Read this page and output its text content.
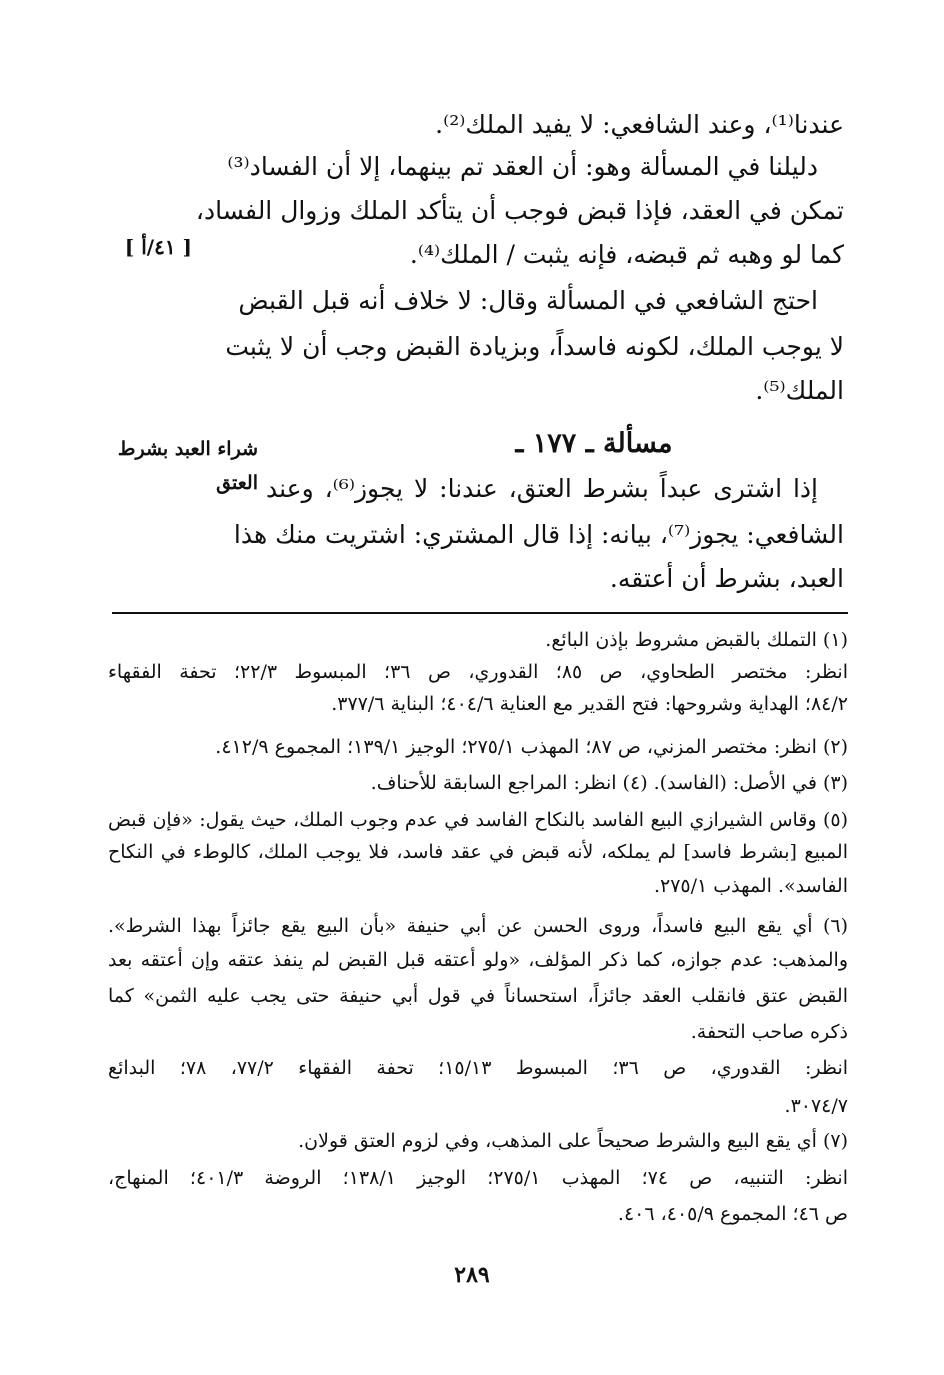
عندنا⁽¹⁾، وعند الشافعي: لا يفيد الملك⁽²⁾.
دليلنا في المسألة وهو: أن العقد تم بينهما، إلا أن الفساد⁽³⁾
تمكن في العقد، فإذا قبض فوجب أن يتأكد الملك وزوال الفساد،
كما لو وهبه ثم قبضه، فإنه يثبت / الملك⁽⁴⁾.
احتج الشافعي في المسألة وقال: لا خلاف أنه قبل القبض
لا يوجب الملك، لكونه فاسداً، وبزيادة القبض وجب أن لا يثبت
الملك⁽⁵⁾.
[ ٤١/أ ]
مسألة ـ ١٧٧ ـ
شراء العبد بشرط
العتق إذا اشترى عبداً بشرط العتق، عندنا: لا يجوز⁽⁶⁾، وعند
الشافعي: يجوز⁽⁷⁾، بيانه: إذا قال المشتري: اشتريت منك هذا
العبد، بشرط أن أعتقه.
(١) التملك بالقبض مشروط بإذن البائع.
انظر: مختصر الطحاوي، ص ٨٥؛ القدوري، ص ٣٦؛ المبسوط ٢٢/٣؛ تحفة الفقهاء
٨٤/٢؛ الهداية وشروحها: فتح القدير مع العناية ٤٠٤/٦؛ البناية ٣٧٧/٦.
(٢) انظر: مختصر المزني، ص ٨٧؛ المهذب ٢٧٥/١؛ الوجيز ١٣٩/١؛ المجموع ٤١٢/٩.
(٣) في الأصل: (الفاسد). (٤) انظر: المراجع السابقة للأحناف.
(٥) وقاس الشيرازي البيع الفاسد بالنكاح الفاسد في عدم وجوب الملك، حيث يقول: «فإن قبض
المبيع [بشرط فاسد] لم يملكه، لأنه قبض في عقد فاسد، فلا يوجب الملك، كالوطء في النكاح
الفاسد». المهذب ٢٧٥/١.
(٦) أي يقع البيع فاسداً، وروى الحسن عن أبي حنيفة «بأن البيع يقع جائزاً بهذا الشرط».
والمذهب: عدم جوازه، كما ذكر المؤلف، «ولو أعتقه قبل القبض لم ينفذ عتقه وإن أعتقه بعد
القبض عتق فانقلب العقد جائزاً، استحساناً في قول أبي حنيفة حتى يجب عليه الثمن» كما
ذكره صاحب التحفة.
انظر: القدوري، ص ٣٦؛ المبسوط ١٥/١٣؛ تحفة الفقهاء ٧٧/٢، ٧٨؛ البدائع
٣٠٧٤/٧.
(٧) أي يقع البيع والشرط صحيحاً على المذهب، وفي لزوم العتق قولان.
انظر: التنبيه، ص ٧٤؛ المهذب ٢٧٥/١؛ الوجيز ١٣٨/١؛ الروضة ٤٠١/٣؛ المنهاج،
ص ٤٦؛ المجموع ٤٠٥/٩، ٤٠٦.
٢٨٩
